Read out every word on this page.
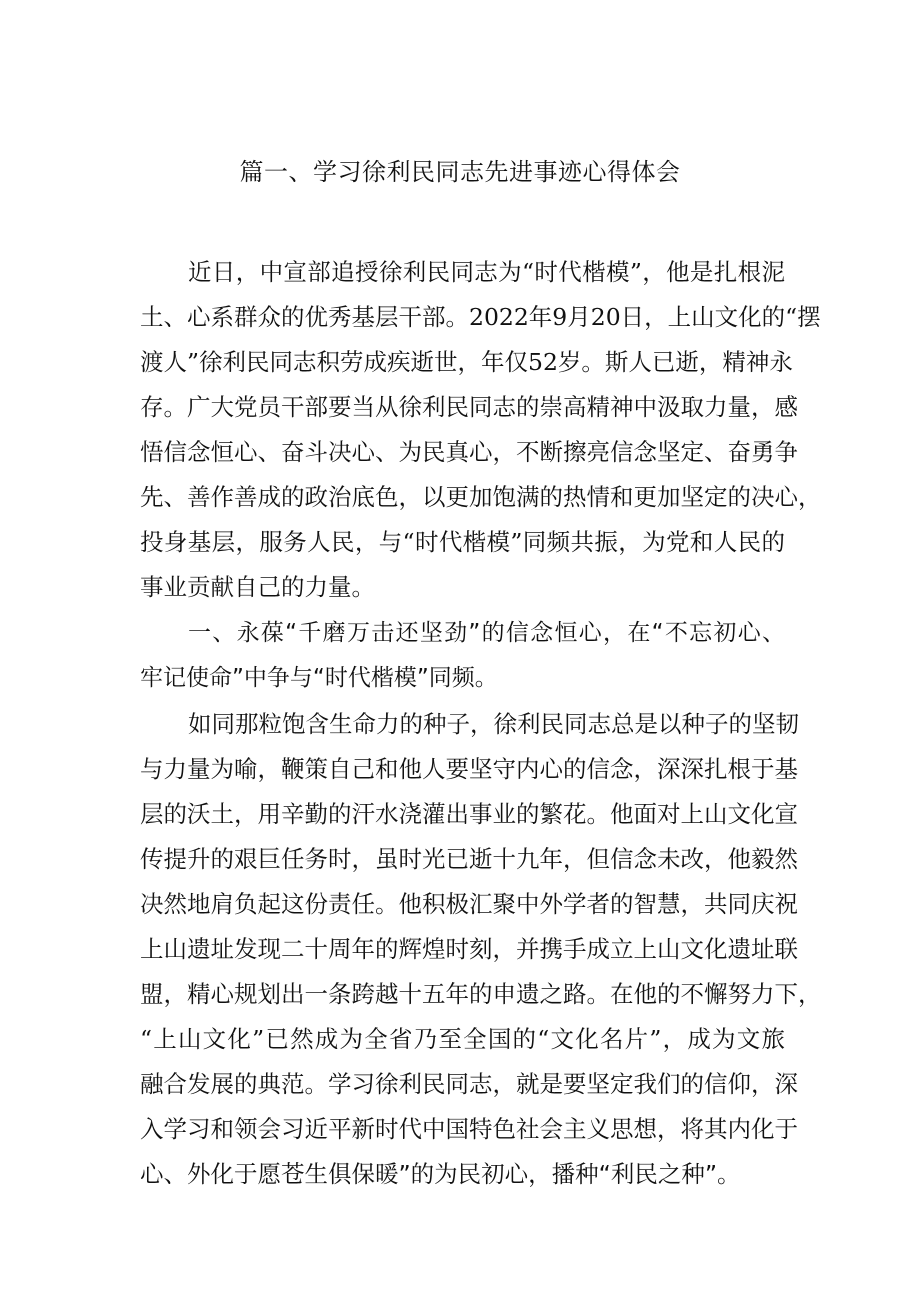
篇一、学习徐利民同志先进事迹心得体会

近日，中宣部追授徐利民同志为“时代楷模”，他是扎根泥

土、心系群众的优秀基层干部。2022年9月20日，上山文化的“摆

渡人”徐利民同志积劳成疾逝世，年仅52岁。斯人已逝，精神永

存。广大党员干部要当从徐利民同志的崇高精神中汲取力量，感

悟信念恒心、奋斗决心、为民真心，不断擦亮信念坚定、奋勇争

先、善作善成的政治底色，以更加饱满的热情和更加坚定的决心，

投身基层，服务人民，与“时代楷模”同频共振，为党和人民的

事业贡献自己的力量。

一、永葆“千磨万击还坚劲”的信念恒心，在“不忘初心、

牢记使命”中争与“时代楷模”同频。

如同那粒饱含生命力的种子，徐利民同志总是以种子的坚韧

与力量为喻，鞭策自己和他人要坚守内心的信念，深深扎根于基

层的沃土，用辛勤的汗水浇灌出事业的繁花。他面对上山文化宣

传提升的艰巨任务时，虽时光已逝十九年，但信念未改，他毅然

决然地肩负起这份责任。他积极汇聚中外学者的智慧，共同庆祝

上山遗址发现二十周年的辉煌时刻，并携手成立上山文化遗址联

盟，精心规划出一条跨越十五年的申遗之路。在他的不懈努力下，

“上山文化”已然成为全省乃至全国的“文化名片”，成为文旅

融合发展的典范。学习徐利民同志，就是要坚定我们的信仰，深

入学习和领会习近平新时代中国特色社会主义思想，将其内化于

心、外化于愿苍生俱保暖”的为民初心，播种“利民之种”。
